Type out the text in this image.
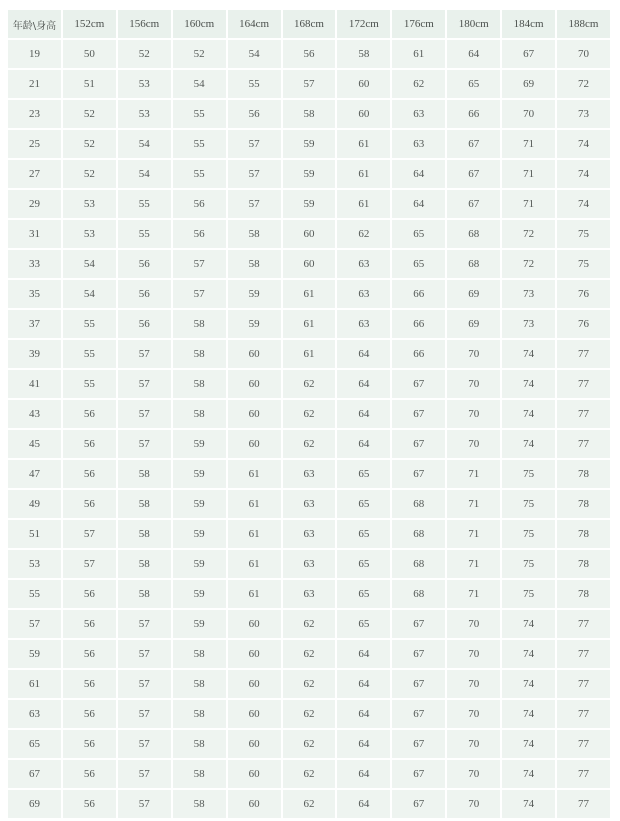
年龄\身高	152cm	156cm	160cm	164cm	168cm	172cm	176cm	180cm	184cm	188cm
19	50	52	52	54	56	58	61	64	67	70
21	51	53	54	55	57	60	62	65	69	72
23	52	53	55	56	58	60	63	66	70	73
25	52	54	55	57	59	61	63	67	71	74
27	52	54	55	57	59	61	64	67	71	74
29	53	55	56	57	59	61	64	67	71	74
31	53	55	56	58	60	62	65	68	72	75
33	54	56	57	58	60	63	65	68	72	75
35	54	56	57	59	61	63	66	69	73	76
37	55	56	58	59	61	63	66	69	73	76
39	55	57	58	60	61	64	66	70	74	77
41	55	57	58	60	62	64	67	70	74	77
43	56	57	58	60	62	64	67	70	74	77
45	56	57	59	60	62	64	67	70	74	77
47	56	58	59	61	63	65	67	71	75	78
49	56	58	59	61	63	65	68	71	75	78
51	57	58	59	61	63	65	68	71	75	78
53	57	58	59	61	63	65	68	71	75	78
55	56	58	59	61	63	65	68	71	75	78
57	56	57	59	60	62	65	67	70	74	77
59	56	57	58	60	62	64	67	70	74	77
61	56	57	58	60	62	64	67	70	74	77
63	56	57	58	60	62	64	67	70	74	77
65	56	57	58	60	62	64	67	70	74	77
67	56	57	58	60	62	64	67	70	74	77
69	56	57	58	60	62	64	67	70	74	77
